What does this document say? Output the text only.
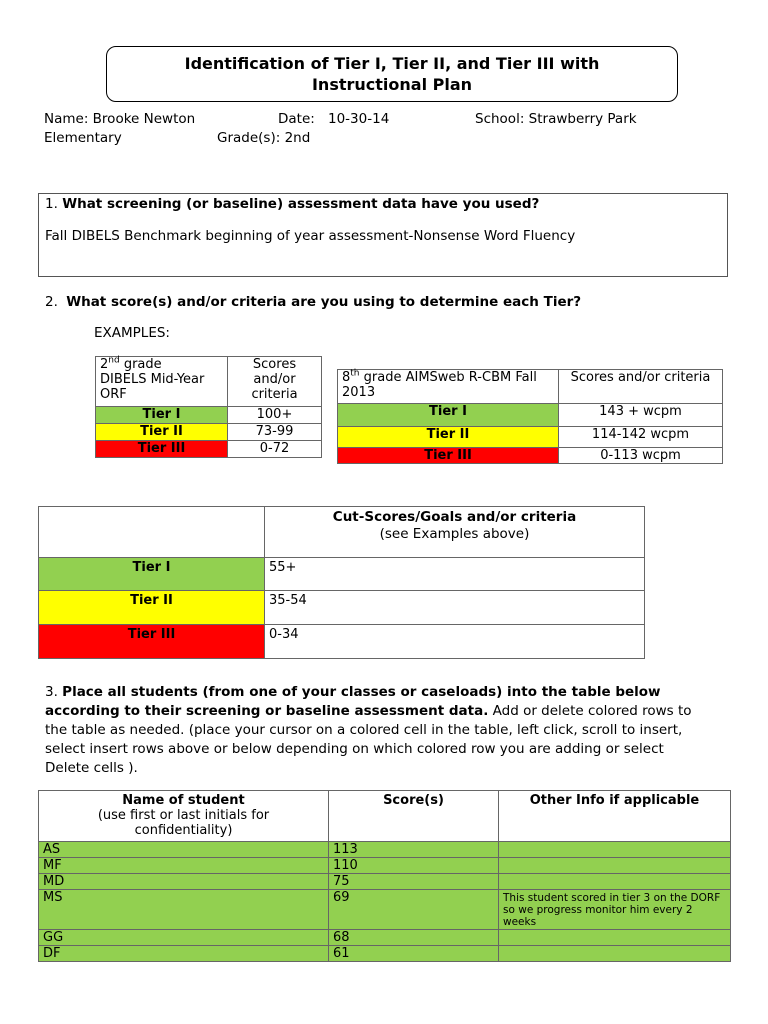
Identification of Tier I, Tier II, and Tier III with
Instructional Plan
Name: Brooke Newton	Date: 10-30-14	School: Strawberry Park
Elementary	Grade(s): 2nd
1. What screening (or baseline) assessment data have you used?
Fall DIBELS Benchmark beginning of year assessment-Nonsense Word Fluency
2. What score(s) and/or criteria are you using to determine each Tier?
EXAMPLES:
2nd grade
DIBELS Mid-Year
ORF	Scores
and/or
criteria
Tier I	100+
Tier II	73-99
Tier III	0-72
8th grade AIMSweb R-CBM Fall
2013	Scores and/or criteria
Tier I	143 + wcpm
Tier II	114-142 wcpm
Tier III	0-113 wcpm
	Cut-Scores/Goals and/or criteria
(see Examples above)
Tier I	55+
Tier II	35-54
Tier III	0-34
3. Place all students (from one of your classes or caseloads) into the table below
according to their screening or baseline assessment data. Add or delete colored rows to
the table as needed. (place your cursor on a colored cell in the table, left click, scroll to insert,
select insert rows above or below depending on which colored row you are adding or select
Delete cells ).
Name of student
(use first or last initials for
confidentiality)	Score(s)	Other Info if applicable
AS	113	
MF	110	
MD	75	
MS	69	This student scored in tier 3 on the DORF so we progress monitor him every 2 weeks
GG	68	
DF	61	
